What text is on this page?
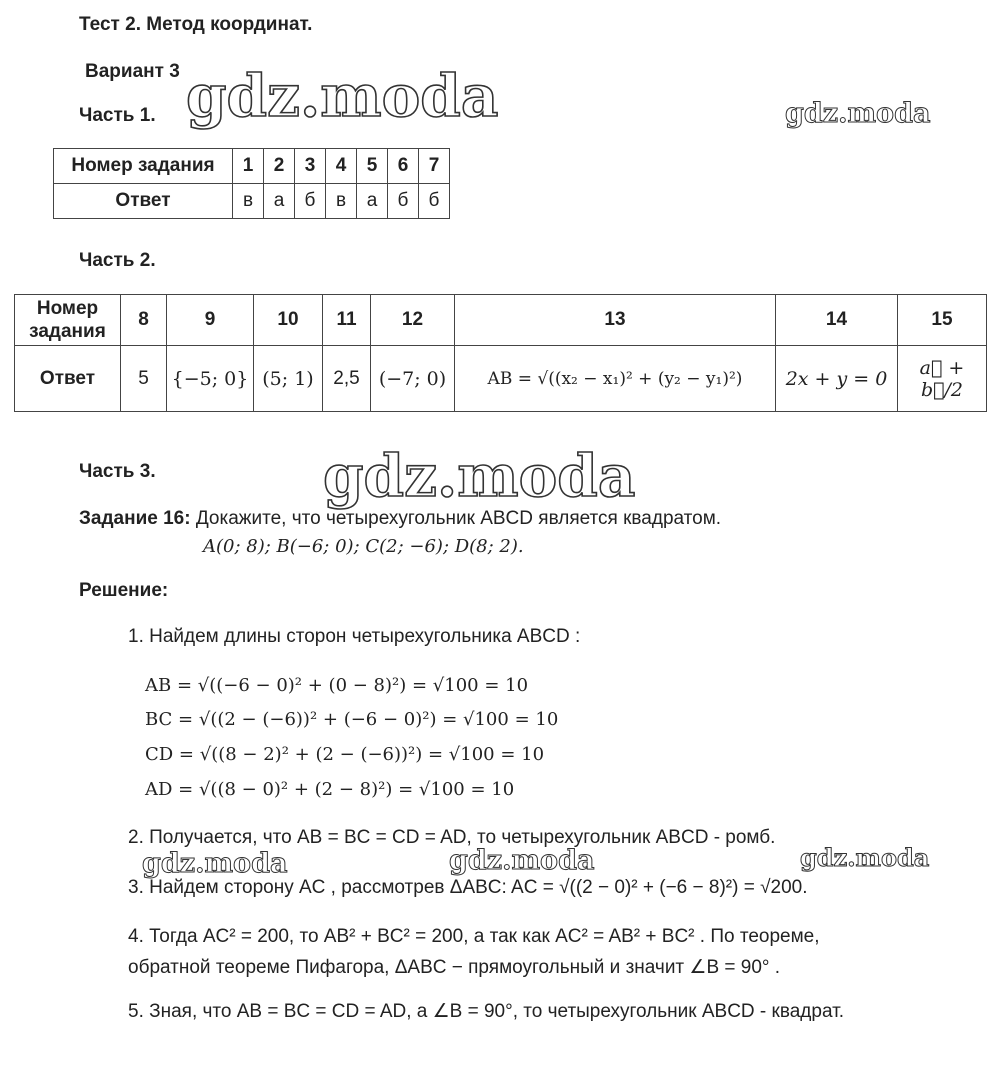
Тест 2. Метод координат.
Вариант 3
Часть 1. gdz.moda	gdz.moda
gdz.moda
gdz.moda	gdz.moda	gdz.moda
Номер задания	1	2	3	4	5	6	7
Ответ	в	а	б	в	а	б	б
Часть 2.
Номер задания	8	9	10	11	12	13	14	15
Ответ	5	{−5; 0}	(5; 1)	2,5	(−7; 0)	AB = √((x₂ − x₁)² + (y₂ − y₁)²)	2x + y = 0	a⃗ + b⃗/2
Часть 3.
Задание 16: Докажите, что четырехугольник ABCD является квадратом.
A(0; 8); B(−6; 0); C(2; −6); D(8; 2).
Решение:
1. Найдем длины сторон четырехугольника ABCD :
AB = √((−6 − 0)² + (0 − 8)²) = √100 = 10
BC = √((2 − (−6))² + (−6 − 0)²) = √100 = 10
CD = √((8 − 2)² + (2 − (−6))²) = √100 = 10
AD = √((8 − 0)² + (2 − 8)²) = √100 = 10
2. Получается, что AB = BC = CD = AD, то четырехугольник ABCD - ромб.
3. Найдем сторону AC , рассмотрев ΔABC: AC = √((2 − 0)² + (−6 − 8)²) = √200.
4. Тогда AC² = 200, то AB² + BC² = 200, а так как AC² = AB² + BC² . По теореме,
обратной теореме Пифагора, ΔABC − прямоугольный и значит ∠B = 90° .
5. Зная, что AB = BC = CD = AD, а ∠B = 90°, то четырехугольник ABCD - квадрат.
